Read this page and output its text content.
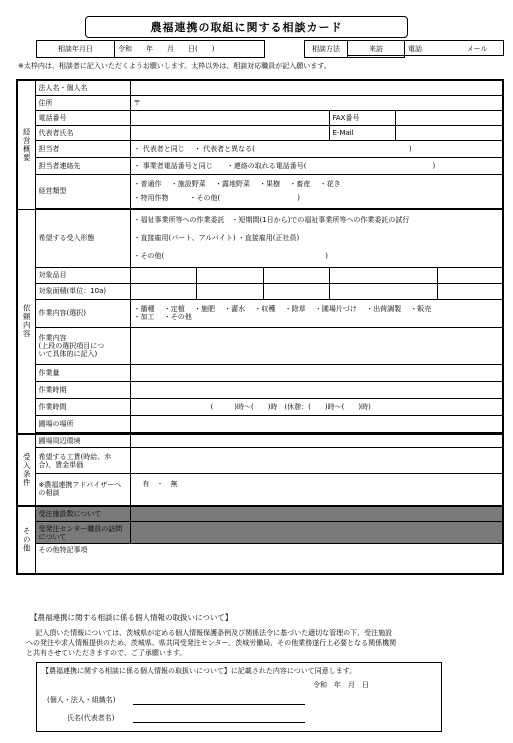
農福連携の取組に関する相談カード
相談年月日	令和　　年　　月　　日(　　)		相談方法	来訪		電話	メール
※太枠内は、相談者に記入いただくようお願いします。太枠以外は、相談対応職員が記入願います。
経営概要	法人名・個人名						
	住所	〒					
	電話番号				FAX番号		
	代表者氏名				E-Mail		
	担当者	・ 代表者と同じ　 ・ 代表者と異なる(　　　　　　　　　　　　　　　　　　　　　　)					
	担当者連絡先	・ 事業者電話番号と同じ　　・連絡の取れる電話番号(　　　　　　　　　　　　　　　　　　)					
	経営類型	・普通作　 ・施設野菜　 ・露地野菜　 ・果樹　 ・畜産　 ・花き
・特用作物　　　・その他(　　　　　　　　　　　)					

依頼内容	希望する受入形態	・福祉事業所等への作業委託　・短期間(1日から)での福祉事業所等への作業委託の試行
・直接雇用(パート、アルバイト) ・直接雇用(正社員)
・その他(　　　　　　　　　　　　　　　　　　　　　　　)					

	対象品目						
	対象面積(単位：10a)						
	作業内容(選択)	・播種　 ・定植　 ・施肥　 ・灌水　 ・収穫　 ・除草　 ・圃場片づけ　 ・出荷調製　 ・販売
・加工　 ・その他					

	作業内容
(上段の選択項目につ
いて具体的に記入)						
	作業量						
	作業時期						
	作業時間	(　　　)時～(　　)時　(休憩：(　　)時～(　　)時)					
	圃場の場所						

受入条件	圃場周辺環境						
	希望する工賃(時給、歩合)、賃金単価						
	※農福連携アドバイザーへの相談	有　・　無					
その他	受注施設数について						
	受発注センター職員の訪問について						
	その他特記事項						
【農福連携に関する相談に係る個人情報の取扱いについて】
　 記入頂いた情報については、茨城県が定める個人情報保護条例及び関係法令に基づいた適切な管理の下、受注施設
への発注や求人情報提供のため、茨城県、県共同受発注センター、茨城労働局、その他業務遂行上必要となる関係機関
と共有させていただきますので、ご了承願います。
【農福連携に関する相談に係る個人情報の取扱いについて】に記載された内容について同意します。
令和　年　月　日
(個人・法人・組織名)
氏名(代表者名)
